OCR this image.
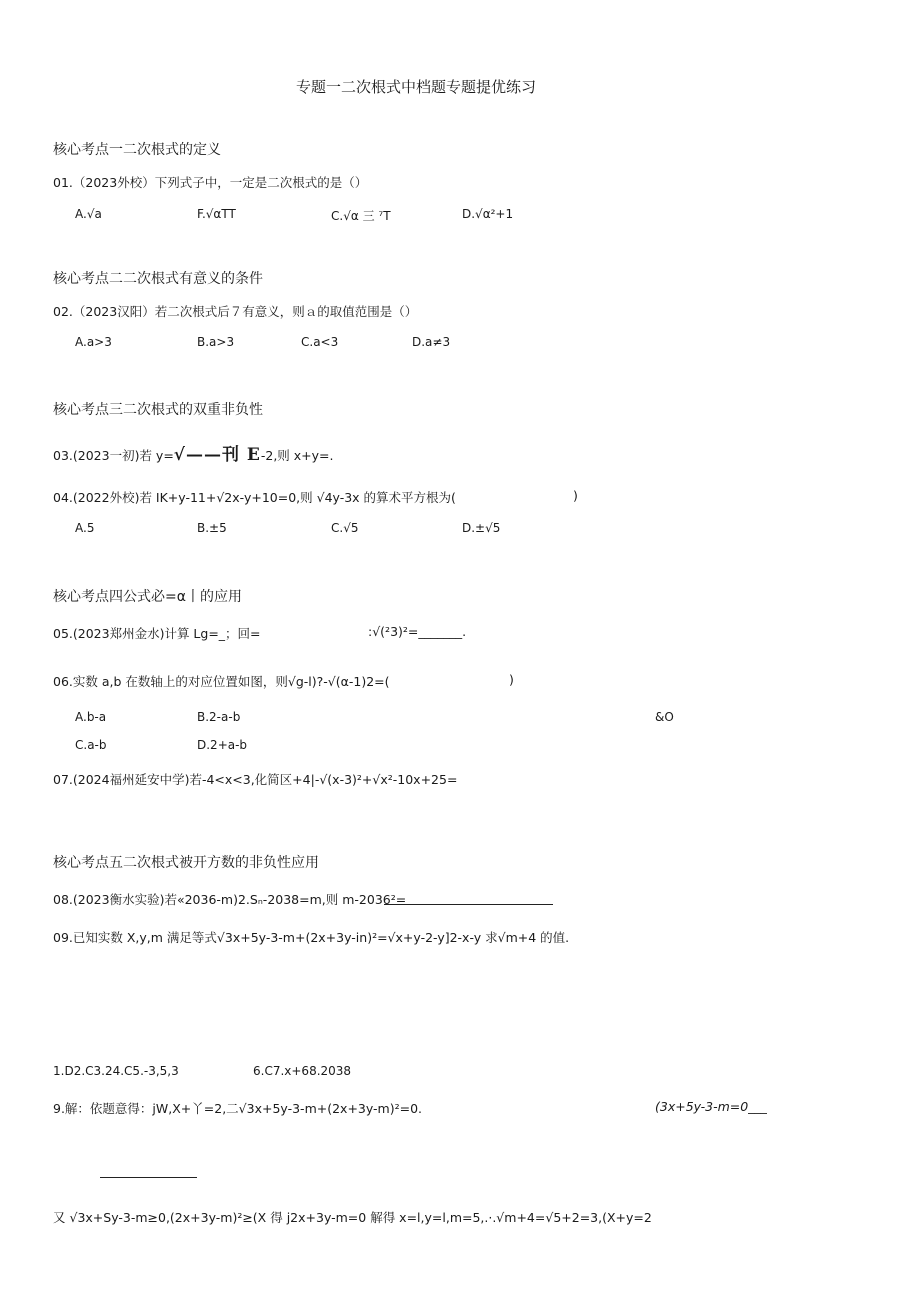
专题一二次根式中档题专题提优练习
核心考点一二次根式的定义
01.（2023外校）下列式子中，一定是二次根式的是（）
A.√a	F.√αTT	C.√α 三 ⁷T	D.√α²+1
核心考点二二次根式有意义的条件
02.（2023汉阳）若二次根式后７有意义，则ａ的取值范围是（）
A.a>3	B.a>3	C.a<3	D.a≠3
核心考点三二次根式的双重非负性
03.(2023一初)若 y=√——刊 E-2,则 x+y=.
04.(2022外校)若 IK+y-11+√2x-y+10=0,则 √4y-3x 的算术平方根为(	)
A.5	B.±5	C.√5	D.±√5
核心考点四公式必=α丨的应用
05.(2023郑州金水)计算 Lg=_；回=	:√(²3)²=_______.
06.实数 a,b 在数轴上的对应位置如图，则√g-l)?-√(α-1)2=(	)
A.b-a	B.2-a-b	&O
C.a-b	D.2+a-b
07.(2024福州延安中学)若-4<x<3,化简区+4|-√(x-3)²+√x²-10x+25=
核心考点五二次根式被开方数的非负性应用
08.(2023衡水实验)若«2036-m)2.Sₙ-2038=m,则 m-2036²=
09.已知实数 X,y,m 满足等式√3x+5y-3-m+(2x+3y-in)²=√x+y-2-y]2-x-y 求√m+4 的值.
1.D2.C3.24.C5.-3,5,3	6.C7.x+68.2038
9.解：依题意得：jW,X+丫=2,二√3x+5y-3-m+(2x+3y-m)²=0.	(3x+5y-3-m=0___
又 √3x+Sy-3-m≥0,(2x+3y-m)²≥(X 得 j2x+3y-m=0 解得 x=l,y=l,m=5,.·.√m+4=√5+2=3,(X+y=2
